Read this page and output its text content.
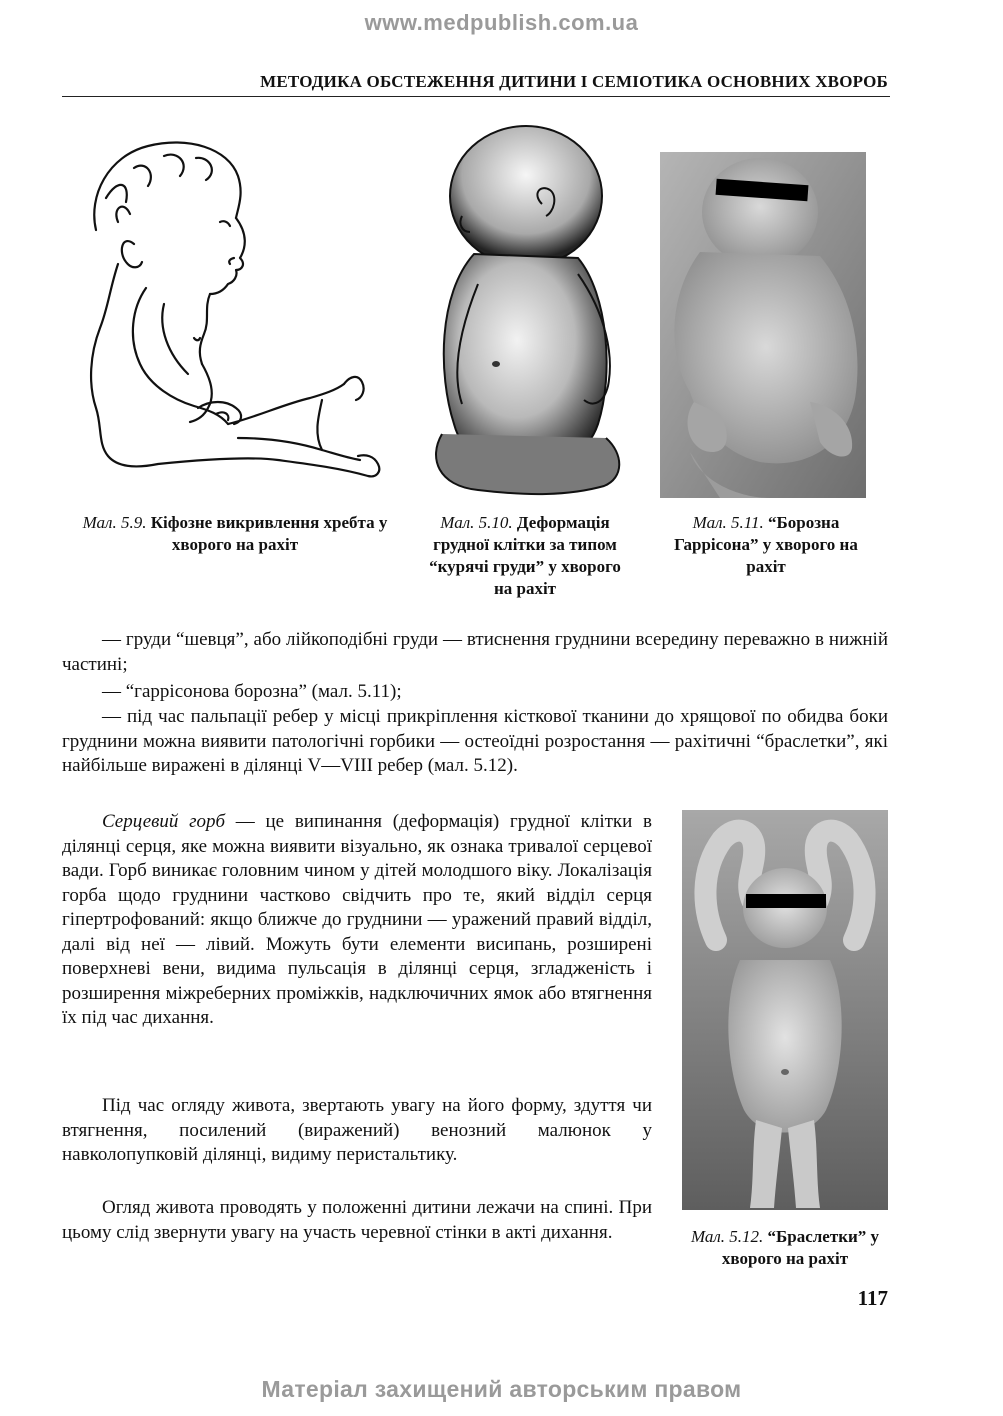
www.medpublish.com.ua
МЕТОДИКА ОБСТЕЖЕННЯ ДИТИНИ І СЕМІОТИКА ОСНОВНИХ ХВОРОБ
Мал. 5.9. Кіфозне викривлення хребта у хворого на рахіт
Мал. 5.10. Деформація грудної клітки за типом “курячі груди” у хворого на рахіт
Мал. 5.11. “Борозна Гаррісона” у хворого на рахіт
— груди “шевця”, або лійкоподібні груди — втиснення груднини всередину переважно в нижній частині;
— “гаррісонова борозна” (мал. 5.11);
— під час пальпації ребер у місці прикріплення кісткової тканини до хрящової по обидва боки груднини можна виявити патологічні горбики — остеоїдні розростання — рахітичні “браслетки”, які найбільше виражені в ділянці V—VIII ребер (мал. 5.12).
Серцевий горб — це випинання (деформація) грудної клітки в ділянці серця, яке можна виявити візуально, як ознака тривалої серцевої вади. Горб виникає головним чином у дітей молодшого віку. Локалізація горба щодо груднини частково свідчить про те, який відділ серця гіпертрофований: якщо ближче до груднини — уражений правий відділ, далі від неї — лівий. Можуть бути елементи висипань, розширені поверхневі вени, видима пульсація в ділянці серця, згладженість і розширення міжреберних проміжків, надключичних ямок або втягнення їх під час дихання.
Під час огляду живота, звертають увагу на його форму, здуття чи втягнення, посилений (виражений) венозний малюнок у навколопупковій ділянці, видиму перистальтику.
Огляд живота проводять у положенні дитини лежачи на спині. При цьому слід звернути увагу на участь черевної стінки в акті дихання.	Мал. 5.12. “Браслетки” у хворого на рахіт
117
Матеріал захищений авторським правом
